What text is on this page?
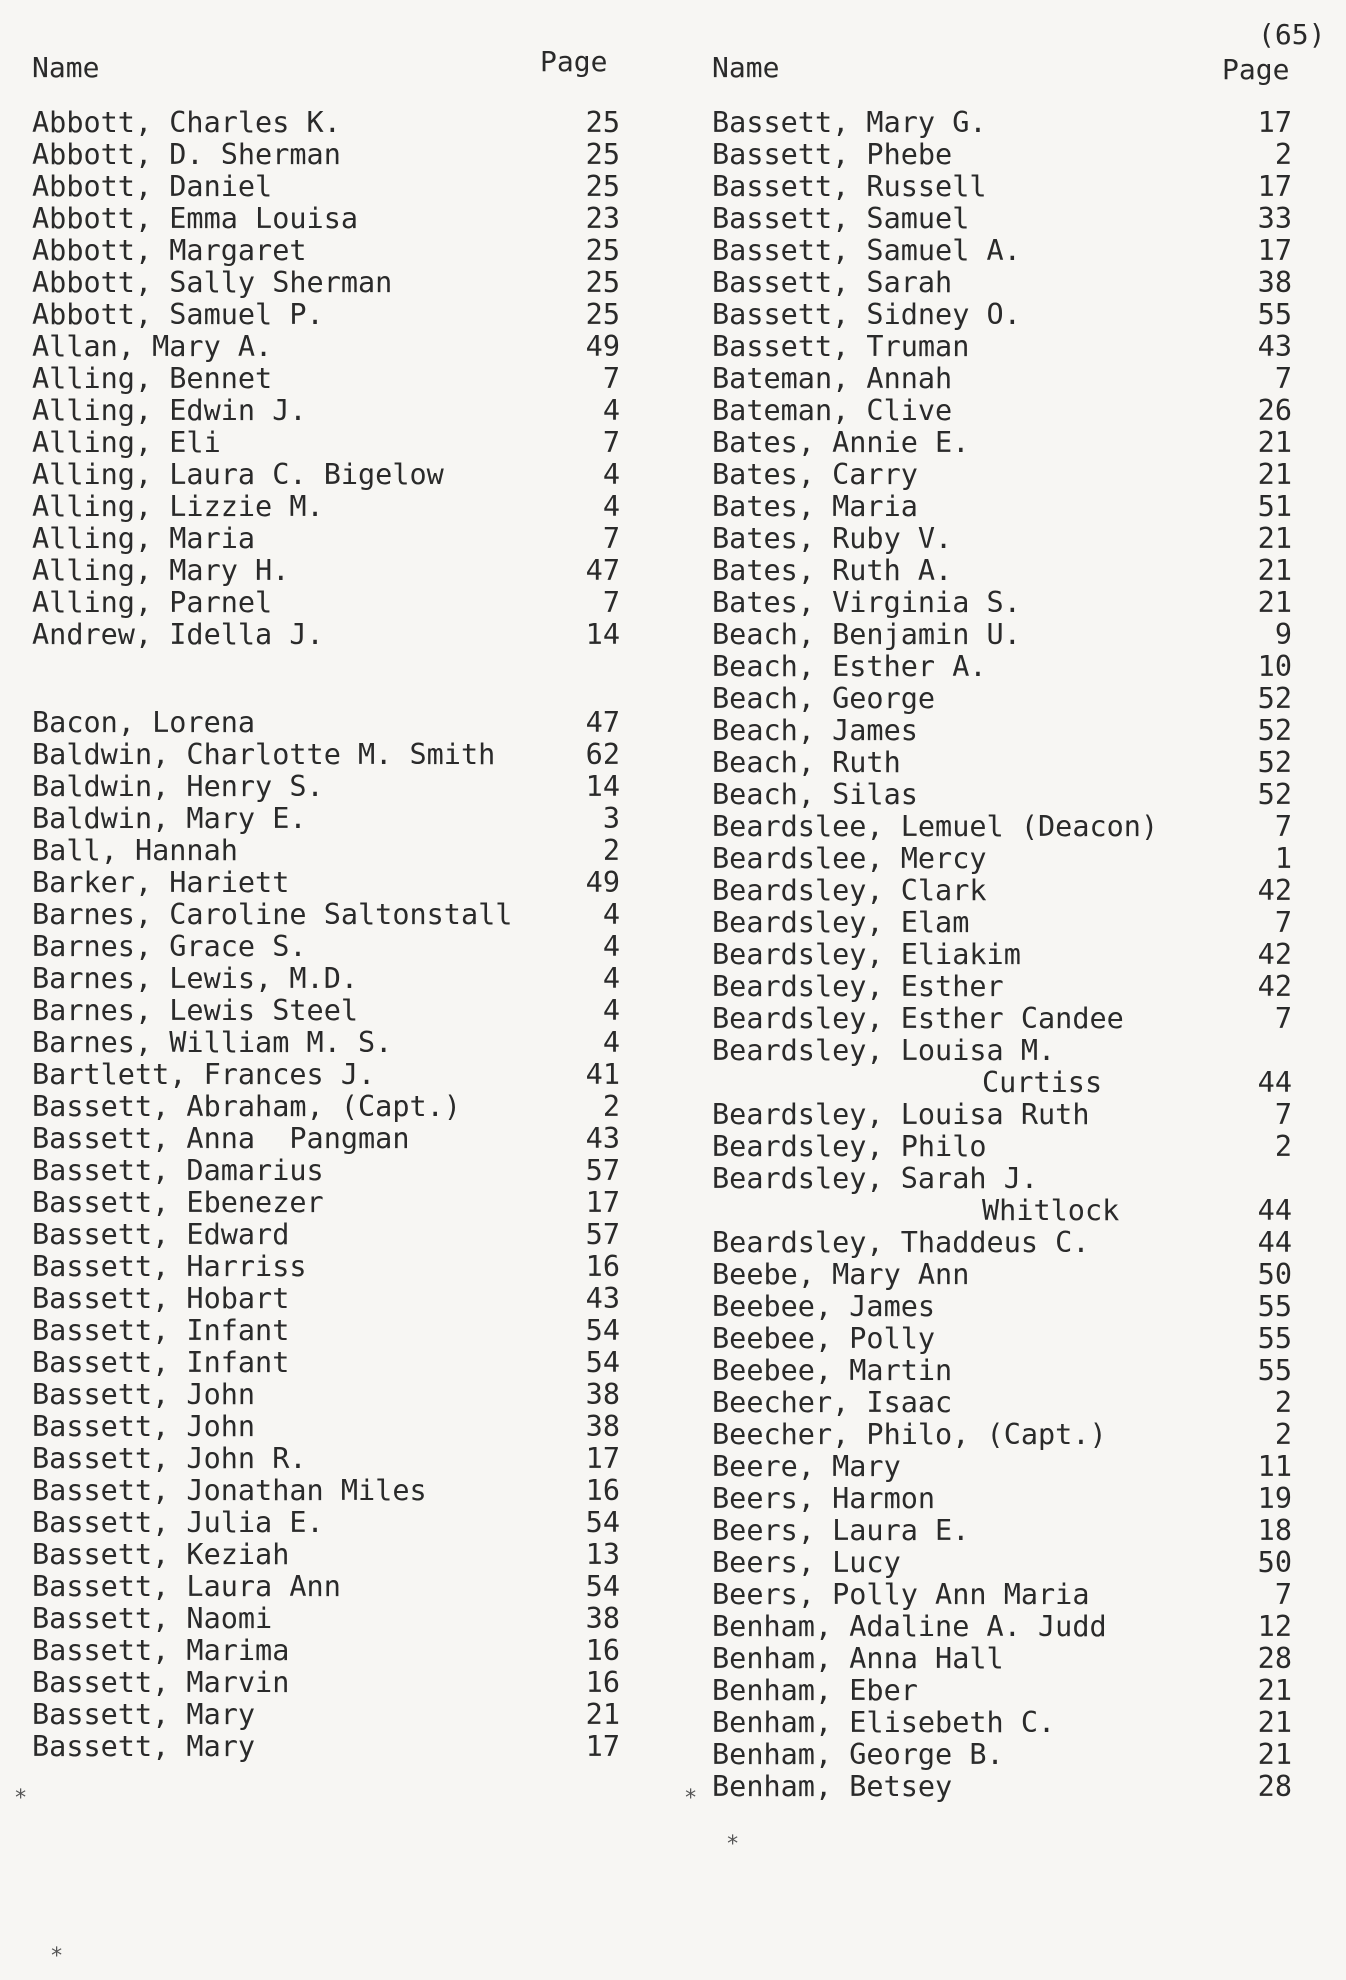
(65)
Name	Page
Abbott, Charles K.	25
Abbott, D. Sherman	25
Abbott, Daniel	25
Abbott, Emma Louisa	23
Abbott, Margaret	25
Abbott, Sally Sherman	25
Abbott, Samuel P.	25
Allan, Mary A.	49
Alling, Bennet	7
Alling, Edwin J.	4
Alling, Eli	7
Alling, Laura C. Bigelow	4
Alling, Lizzie M.	4
Alling, Maria	7
Alling, Mary H.	47
Alling, Parnel	7
Andrew, Idella J.	14
Bacon, Lorena	47
Baldwin, Charlotte M. Smith	62
Baldwin, Henry S.	14
Baldwin, Mary E.	3
Ball, Hannah	2
Barker, Hariett	49
Barnes, Caroline Saltonstall	4
Barnes, Grace S.	4
Barnes, Lewis, M.D.	4
Barnes, Lewis Steel	4
Barnes, William M. S.	4
Bartlett, Frances J.	41
Bassett, Abraham, (Capt.)	2
Bassett, Anna  Pangman	43
Bassett, Damarius	57
Bassett, Ebenezer	17
Bassett, Edward	57
Bassett, Harriss	16
Bassett, Hobart	43
Bassett, Infant	54
Bassett, Infant	54
Bassett, John	38
Bassett, John	38
Bassett, John R.	17
Bassett, Jonathan Miles	16
Bassett, Julia E.	54
Bassett, Keziah	13
Bassett, Laura Ann	54
Bassett, Naomi	38
Bassett, Marima	16
Bassett, Marvin	16
Bassett, Mary	21
Bassett, Mary	17
Name	Page
Bassett, Mary G.	17
Bassett, Phebe	2
Bassett, Russell	17
Bassett, Samuel	33
Bassett, Samuel A.	17
Bassett, Sarah	38
Bassett, Sidney O.	55
Bassett, Truman	43
Bateman, Annah	7
Bateman, Clive	26
Bates, Annie E.	21
Bates, Carry	21
Bates, Maria	51
Bates, Ruby V.	21
Bates, Ruth A.	21
Bates, Virginia S.	21
Beach, Benjamin U.	9
Beach, Esther A.	10
Beach, George	52
Beach, James	52
Beach, Ruth	52
Beach, Silas	52
Beardslee, Lemuel (Deacon)	7
Beardslee, Mercy	1
Beardsley, Clark	42
Beardsley, Elam	7
Beardsley, Eliakim	42
Beardsley, Esther	42
Beardsley, Esther Candee	7
Beardsley, Louisa M.
Curtiss	44
Beardsley, Louisa Ruth	7
Beardsley, Philo	2
Beardsley, Sarah J.
Whitlock	44
Beardsley, Thaddeus C.	44
Beebe, Mary Ann	50
Beebee, James	55
Beebee, Polly	55
Beebee, Martin	55
Beecher, Isaac	2
Beecher, Philo, (Capt.)	2
Beere, Mary	11
Beers, Harmon	19
Beers, Laura E.	18
Beers, Lucy	50
Beers, Polly Ann Maria	7
Benham, Adaline A. Judd	12
Benham, Anna Hall	28
Benham, Eber	21
Benham, Elisebeth C.	21
Benham, George B.	21
Benham, Betsey	28
*
*
*
*
